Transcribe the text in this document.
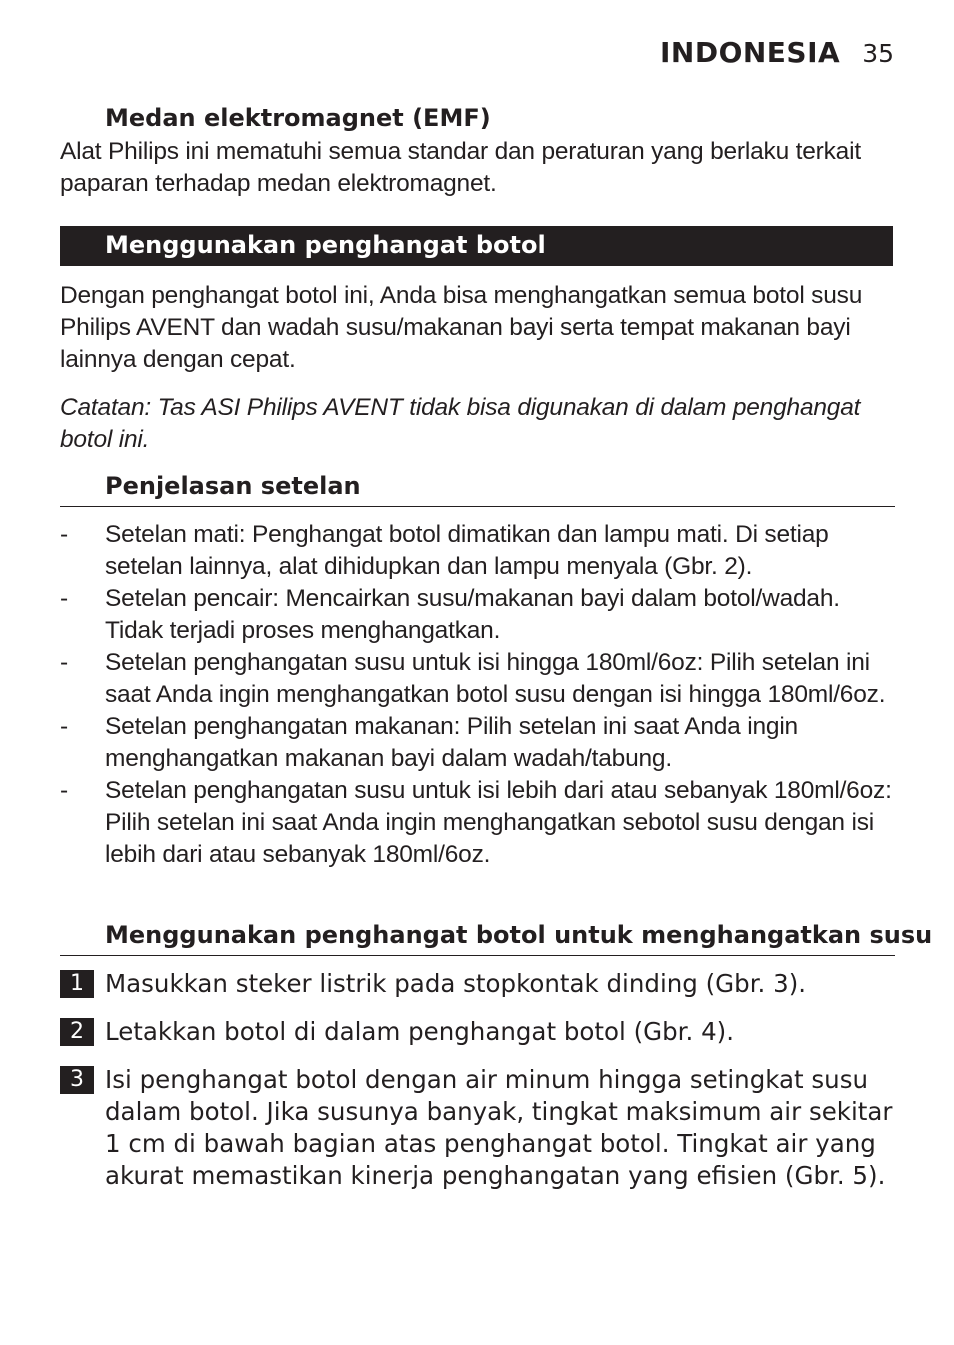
INDONESIA 35
Medan elektromagnet (EMF)
Alat Philips ini mematuhi semua standar dan peraturan yang berlaku terkait paparan terhadap medan elektromagnet.
Menggunakan penghangat botol
Dengan penghangat botol ini, Anda bisa menghangatkan semua botol susu Philips AVENT dan wadah susu/makanan bayi serta tempat makanan bayi lainnya dengan cepat.
Catatan: Tas ASI Philips AVENT tidak bisa digunakan di dalam penghangat botol ini.
Penjelasan setelan
- Setelan mati: Penghangat botol dimatikan dan lampu mati. Di setiap setelan lainnya, alat dihidupkan dan lampu menyala (Gbr. 2).
- Setelan pencair: Mencairkan susu/makanan bayi dalam botol/wadah. Tidak terjadi proses menghangatkan.
- Setelan penghangatan susu untuk isi hingga 180ml/6oz: Pilih setelan ini saat Anda ingin menghangatkan botol susu dengan isi hingga 180ml/6oz.
- Setelan penghangatan makanan: Pilih setelan ini saat Anda ingin menghangatkan makanan bayi dalam wadah/tabung.
- Setelan penghangatan susu untuk isi lebih dari atau sebanyak 180ml/6oz: Pilih setelan ini saat Anda ingin menghangatkan sebotol susu dengan isi lebih dari atau sebanyak 180ml/6oz.
Menggunakan penghangat botol untuk menghangatkan susu
1 Masukkan steker listrik pada stopkontak dinding (Gbr. 3).
2 Letakkan botol di dalam penghangat botol (Gbr. 4).
3 Isi penghangat botol dengan air minum hingga setingkat susu dalam botol. Jika susunya banyak, tingkat maksimum air sekitar 1 cm di bawah bagian atas penghangat botol. Tingkat air yang akurat memastikan kinerja penghangatan yang efisien (Gbr. 5).
